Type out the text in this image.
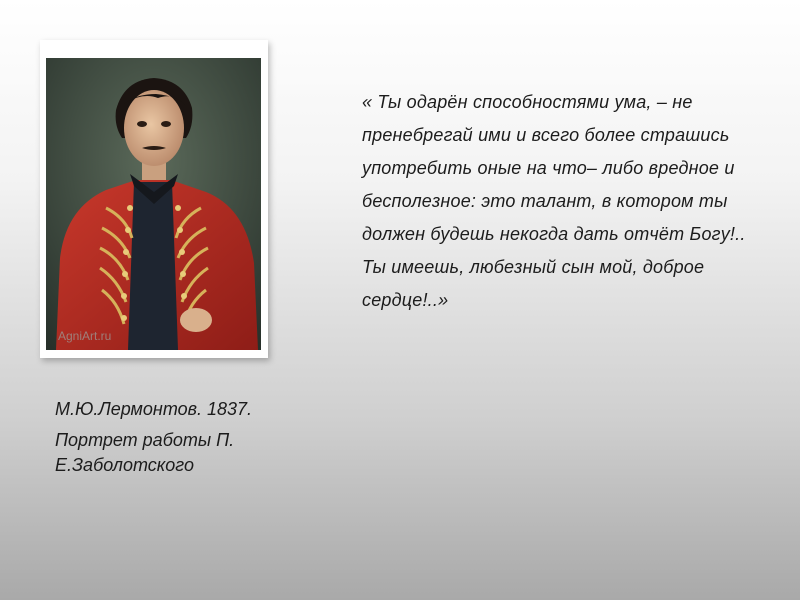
AgniArt.ru

М.Ю.Лермонтов. 1837.

Портрет работы П. Е.Заболотского

« Ты одарён способностями ума, – не

пренебрегай ими и всего более страшись

употребить оные на что– либо вредное и

бесполезное: это талант, в котором ты

должен будешь некогда дать отчёт Богу!..

Ты имеешь, любезный сын мой, доброе

сердце!..»
